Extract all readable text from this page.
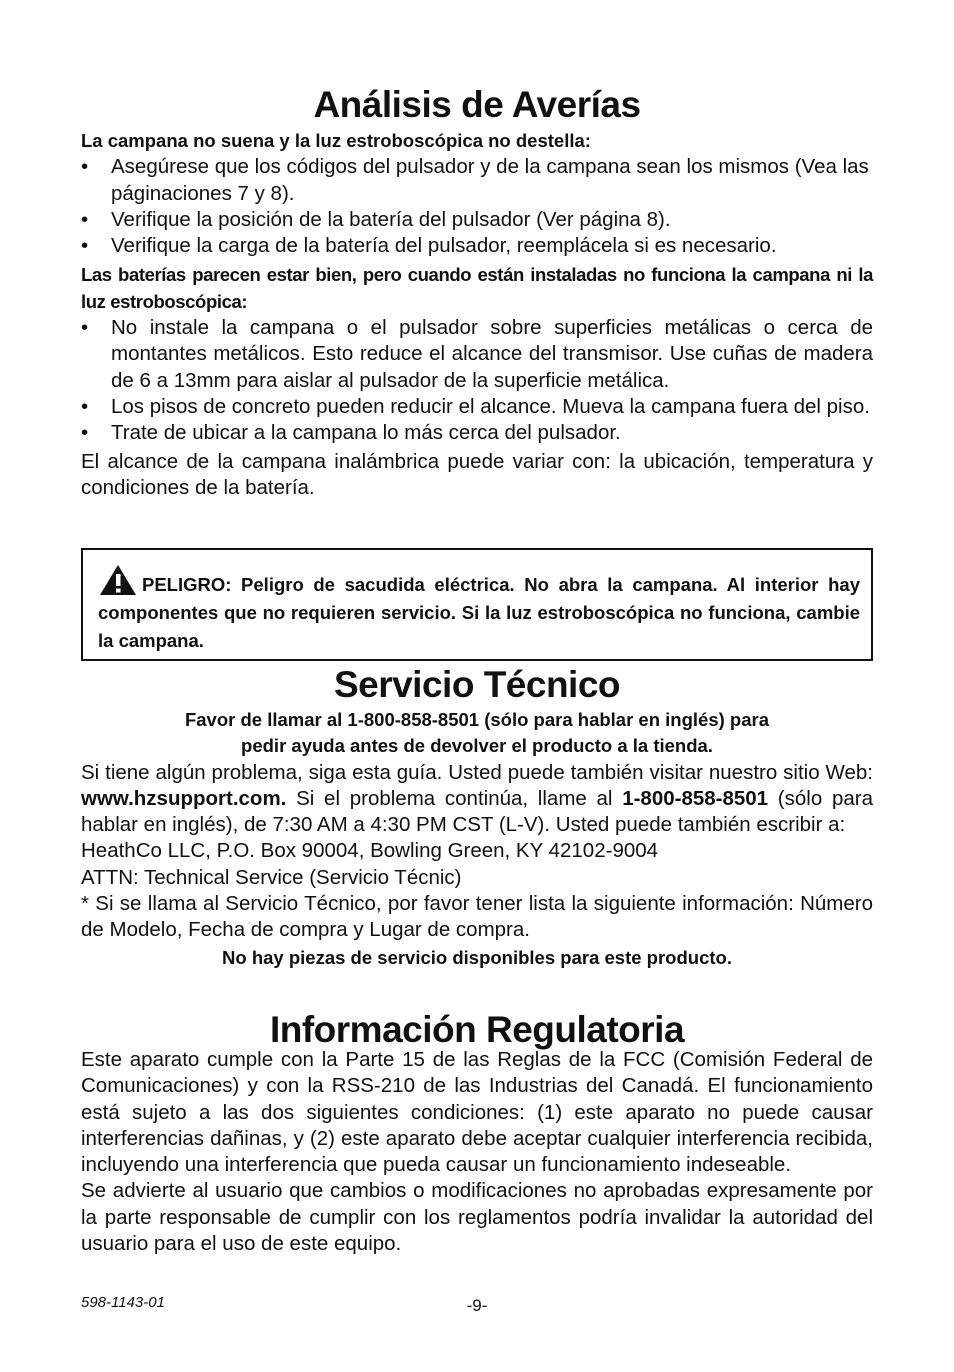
Análisis de Averías
La campana no suena y la luz estroboscópica no destella:
• Asegúrese que los códigos del pulsador y de la campana sean los mismos (Vea las páginaciones 7 y 8).
• Verifique la posición de la batería del pulsador (Ver página 8).
• Verifique la carga de la batería del pulsador, reemplácela si es necesario.
Las baterías parecen estar bien, pero cuando están instaladas no funciona la campana ni la luz estroboscópica:
• No instale la campana o el pulsador sobre superficies metálicas o cerca de montantes metálicos. Esto reduce el alcance del transmisor. Use cuñas de madera de 6 a 13mm para aislar al pulsador de la superficie metálica.
• Los pisos de concreto pueden reducir el alcance. Mueva la campana fuera del piso.
• Trate de ubicar a la campana lo más cerca del pulsador.
El alcance de la campana inalámbrica puede variar con: la ubicación, temperatura y condiciones de la batería.
PELIGRO: Peligro de sacudida eléctrica. No abra la campana. Al interior hay componentes que no requieren servicio. Si la luz estroboscópica no funciona, cambie la campana.
Servicio Técnico
Favor de llamar al 1-800-858-8501 (sólo para hablar en inglés) para
pedir ayuda antes de devolver el producto a la tienda.
Si tiene algún problema, siga esta guía. Usted puede también visitar nuestro sitio Web: www.hzsupport.com. Si el problema continúa, llame al 1-800-858-8501 (sólo para hablar en inglés), de 7:30 AM a 4:30 PM CST (L-V). Usted puede también escribir a:
HeathCo LLC, P.O. Box 90004, Bowling Green, KY 42102-9004
ATTN: Technical Service (Servicio Técnic)
* Si se llama al Servicio Técnico, por favor tener lista la siguiente información: Número de Modelo, Fecha de compra y Lugar de compra.
No hay piezas de servicio disponibles para este producto.
Información Regulatoria
Este aparato cumple con la Parte 15 de las Reglas de la FCC (Comisión Federal de Comunicaciones) y con la RSS-210 de las Industrias del Canadá. El funcionamiento está sujeto a las dos siguientes condiciones: (1) este aparato no puede causar interferencias dañinas, y (2) este aparato debe aceptar cualquier interferencia recibida, incluyendo una interferencia que pueda causar un funcionamiento indeseable.
Se advierte al usuario que cambios o modificaciones no aprobadas expresamente por la parte responsable de cumplir con los reglamentos podría invalidar la autoridad del usuario para el uso de este equipo.
598-1143-01	-9-
